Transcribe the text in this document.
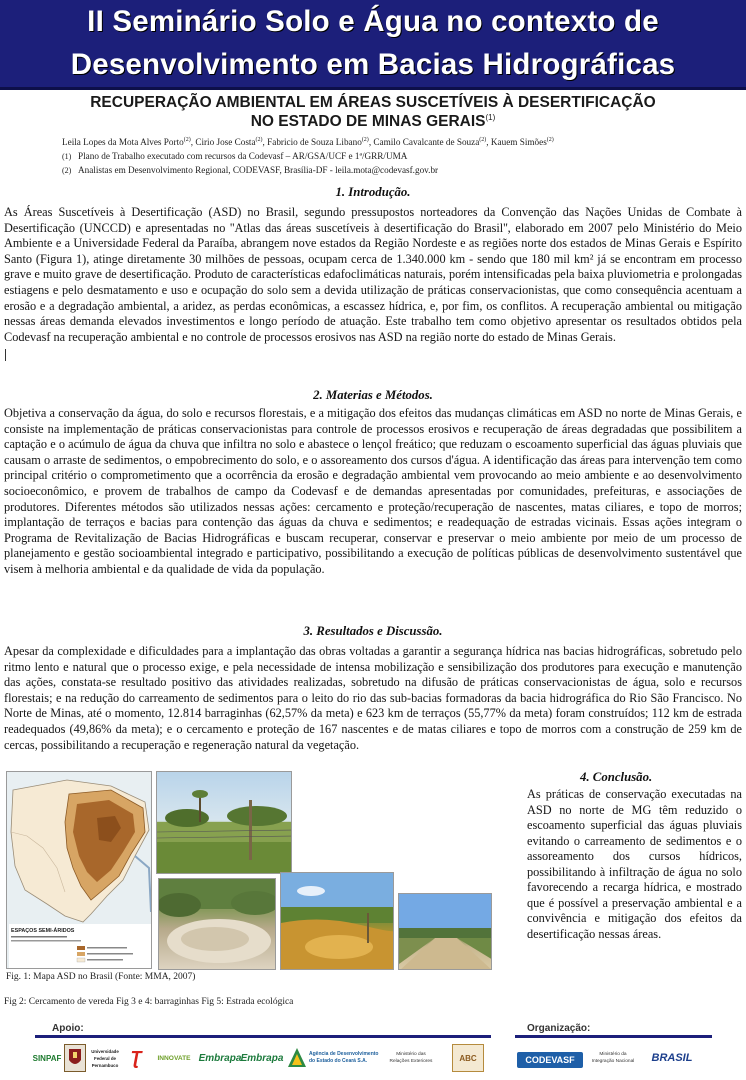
II Seminário Solo e Água no contexto de
Desenvolvimento em Bacias Hidrográficas
RECUPERAÇÃO AMBIENTAL EM ÁREAS SUSCETÍVEIS À DESERTIFICAÇÃO
NO ESTADO DE MINAS GERAIS$^{(1)}$
Leila Lopes da Mota Alves Porto$^{(2)}$, Cirio Jose Costa$^{(2)}$, Fabricio de Souza Libano$^{(2)}$, Camilo Cavalcante de Souza$^{(2)}$, Kauem Simões$^{(2)}$
(1) Plano de Trabalho executado com recursos da Codevasf – AR/GSA/UCF e 1ª/GRR/UMA
(2) Analistas em Desenvolvimento Regional, CODEVASF, Brasília-DF - leila.mota@codevasf.gov.br
1. Introdução.
As Áreas Suscetíveis à Desertificação (ASD) no Brasil, segundo pressupostos norteadores da Convenção das Nações Unidas de Combate à Desertificação (UNCCD) e apresentadas no ''Atlas das áreas suscetíveis à desertificação do Brasil'', elaborado em 2007 pelo Ministério do Meio Ambiente e a Universidade Federal da Paraíba, abrangem nove estados da Região Nordeste e as regiões norte dos estados de Minas Gerais e Espírito Santo (Figura 1), atinge diretamente 30 milhões de pessoas, ocupam cerca de 1.340.000 km - sendo que 180 mil km² já se encontram em processo grave e muito grave de desertificação. Produto de características edafoclimáticas naturais, porém intensificadas pela baixa pluviometria e prolongadas estiagens e pelo desmatamento e uso e ocupação do solo sem a devida utilização de práticas conservacionistas, que como consequência acentuam a erosão e a degradação ambiental, a aridez, as perdas econômicas, a escassez hídrica, e, por fim, os conflitos. A recuperação ambiental ou mitigação nessas áreas demanda elevados investimentos e longo período de atuação. Este trabalho tem como objetivo apresentar os resultados obtidos pela Codevasf na recuperação ambiental e no controle de processos erosivos nas ASD na região norte do estado de Minas Gerais.
2. Materias e Métodos.
Objetiva a conservação da água, do solo e recursos florestais, e a mitigação dos efeitos das mudanças climáticas em ASD no norte de Minas Gerais, e consiste na implementação de práticas conservacionistas para controle de processos erosivos e recuperação de áreas degradadas que possibilitem a captação e o acúmulo de água da chuva que infiltra no solo e abastece o lençol freático; que reduzam o escoamento superficial das águas pluviais que causam o arraste de sedimentos, o empobrecimento do solo, e o assoreamento dos cursos d'água. A identificação das áreas para intervenção tem como principal critério o comprometimento que a ocorrência da erosão e degradação ambiental vem provocando ao meio ambiente e ao desenvolvimento socioeconômico, e provem de trabalhos de campo da Codevasf e de demandas apresentadas por comunidades, prefeituras, e associações de produtores. Diferentes métodos são utilizados nessas ações: cercamento e proteção/recuperação de nascentes, matas ciliares, e topo de morros; implantação de terraços e bacias para contenção das águas da chuva e sedimentos; e readequação de estradas vicinais. Essas ações integram o Programa de Revitalização de Bacias Hidrográficas e buscam recuperar, conservar e preservar o meio ambiente por meio de um processo de planejamento e gestão socioambiental integrado e participativo, possibilitando a execução de políticas públicas de desenvolvimento sustentável que visem à melhoria ambiental e da qualidade de vida da população.
3. Resultados e Discussão.
Apesar da complexidade e dificuldades para a implantação das obras voltadas a garantir a segurança hídrica nas bacias hidrográficas, sobretudo pelo ritmo lento e natural que o processo exige, e pela necessidade de intensa mobilização e sensibilização dos produtores para execução e manutenção das ações, constata-se resultado positivo das atividades realizadas, sobretudo na difusão de práticas conservacionistas de água, solo e recursos florestais; e na redução do carreamento de sedimentos para o leito do rio das sub-bacias formadoras da bacia hidrográfica do Rio São Francisco. No Norte de Minas, até o momento, 12.814 barraginhas (62,57% da meta) e 623 km de terraços (55,77% da meta) foram construídos; 112 km de estrada readequados (49,86% da meta); e o cercamento e proteção de 167 nascentes e de matas ciliares e topo de morros com a construção de 259 km de cercas, possibilitando a recuperação e regeneração natural da vegetação.
ESPAÇOS SEMI-ÁRIDOS
Fig. 1: Mapa ASD no Brasil (Fonte: MMA, 2007)
Fig 2: Cercamento de vereda Fig 3 e 4: barraginhas Fig 5: Estrada ecológica
4. Conclusão.
As práticas de conservação executadas na ASD no norte de MG têm reduzido o escoamento superficial das águas pluviais evitando o carreamento de sedimentos e o assoreamento dos cursos hídricos, possibilitando à infiltração de água no solo favorecendo a recarga hídrica, e mostrado que é possível a preservação ambiental e a convivência e mitigação dos efeitos da desertificação nessas áreas.
Apoio:	Organização:
SINPAF
Universidade Federal de Pernambuco Ʈ	INNOVATE Embrapa Embrapa	Agência de Desenvolvimento do Estado do Ceará S.A.
Ministério das Relações Exteriores	ABC	CODEVASF	Ministério da Integração Nacional	BRASIL
